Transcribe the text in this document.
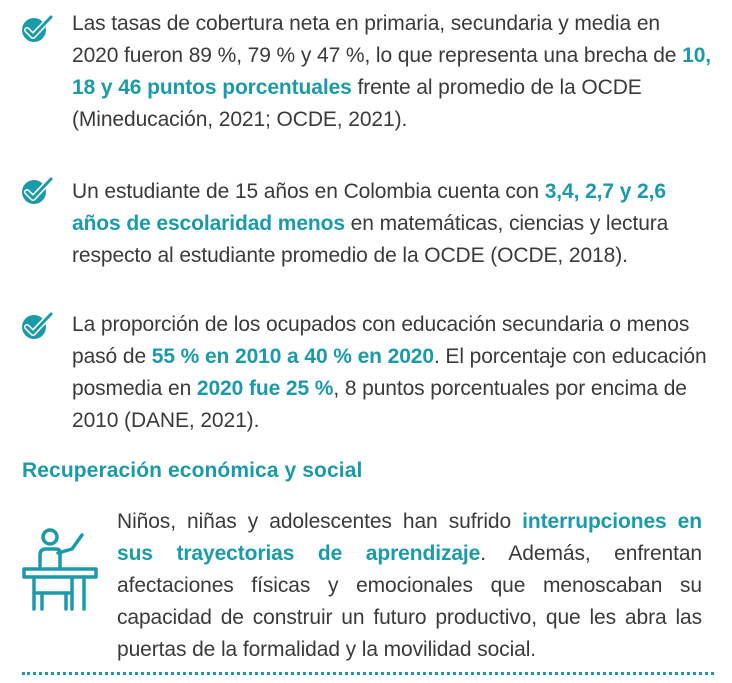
Las tasas de cobertura neta en primaria, secundaria y media en 2020 fueron 89 %, 79 % y 47 %, lo que representa una brecha de 10, 18 y 46 puntos porcentuales frente al promedio de la OCDE (Mineducación, 2021; OCDE, 2021).

Un estudiante de 15 años en Colombia cuenta con 3,4, 2,7 y 2,6 años de escolaridad menos en matemáticas, ciencias y lectura respecto al estudiante promedio de la OCDE (OCDE, 2018).

La proporción de los ocupados con educación secundaria o menos pasó de 55 % en 2010 a 40 % en 2020. El porcentaje con educación posmedia en 2020 fue 25 %, 8 puntos porcentuales por encima de 2010 (DANE, 2021).

Recuperación económica y social

Niños, niñas y adolescentes han sufrido interrupciones en sus trayectorias de aprendizaje. Además, enfrentan afectaciones físicas y emocionales que menoscaban su capacidad de construir un futuro productivo, que les abra las puertas de la formalidad y la movilidad social.
